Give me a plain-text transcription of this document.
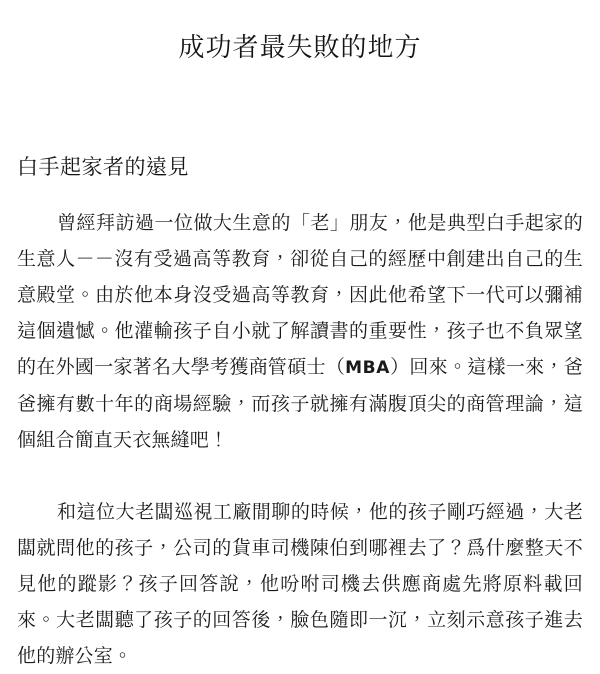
成功者最失敗的地方
白手起家者的遠見

曾經拜訪過一位做大生意的「老」朋友，他是典型白手起家的生意人－－沒有受過高等教育，卻從自己的經歷中創建出自己的生意殿堂。由於他本身沒受過高等教育，因此他希望下一代可以彌補這個遺憾。他灌輸孩子自小就了解讀書的重要性，孩子也不負眾望的在外國一家著名大學考獲商管碩士（MBA）回來。這樣一來，爸爸擁有數十年的商場經驗，而孩子就擁有滿腹頂尖的商管理論，這個組合簡直天衣無縫吧！

和這位大老闆巡視工廠閒聊的時候，他的孩子剛巧經過，大老闆就問他的孩子，公司的貨車司機陳伯到哪裡去了？爲什麼整天不見他的蹤影？孩子回答說，他吩咐司機去供應商處先將原料載回來。大老闆聽了孩子的回答後，臉色隨即一沉，立刻示意孩子進去他的辦公室。
